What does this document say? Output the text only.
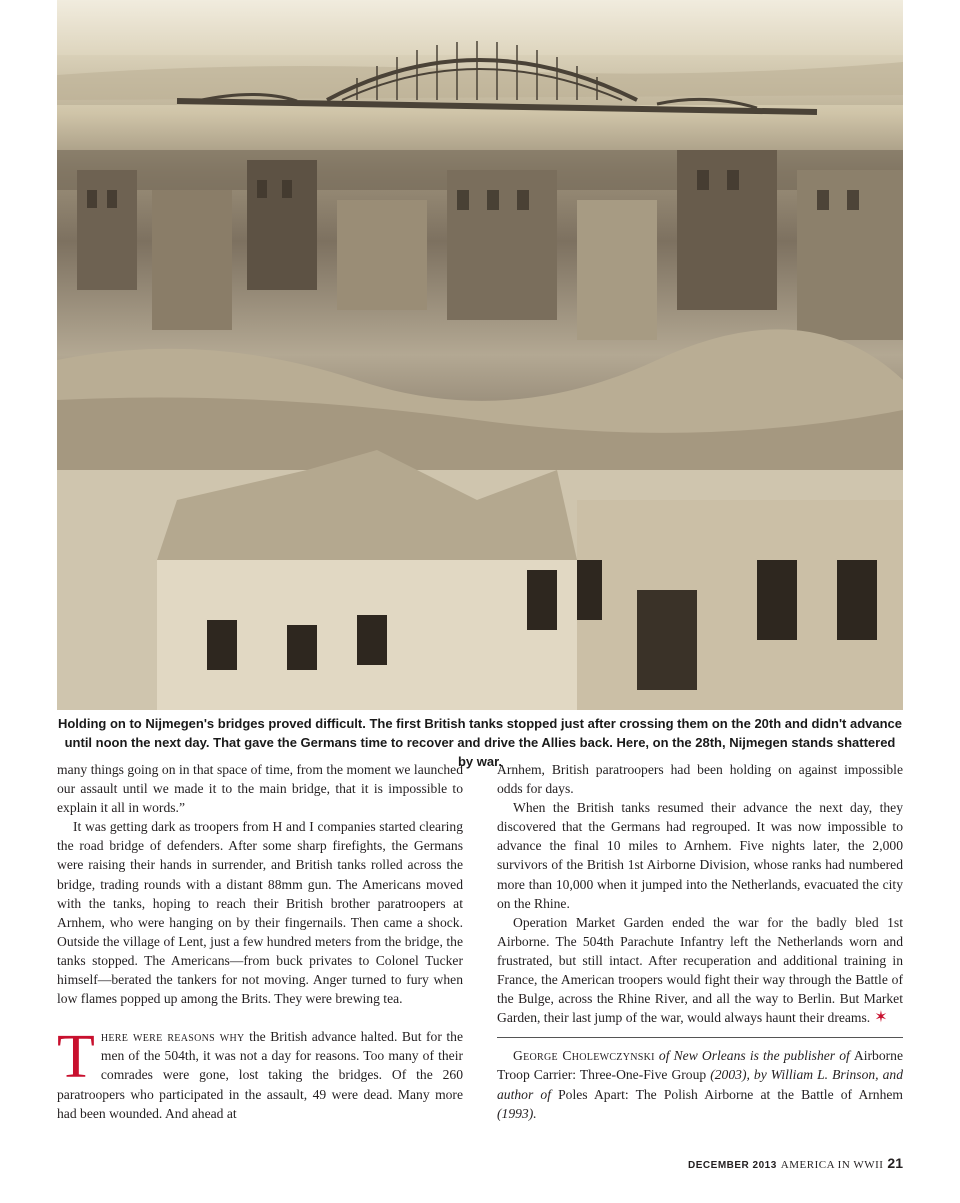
Holding on to Nijmegen's bridges proved difficult. The first British tanks stopped just after crossing them on the 20th and didn't advance until noon the next day. That gave the Germans time to recover and drive the Allies back. Here, on the 28th, Nijmegen stands shattered by war.

many things going on in that space of time, from the moment we launched our assault until we made it to the main bridge, that it is impossible to explain it all in words.”

It was getting dark as troopers from H and I companies started clearing the road bridge of defenders. After some sharp firefights, the Germans were raising their hands in surrender, and British tanks rolled across the bridge, trading rounds with a distant 88mm gun. The Americans moved with the tanks, hoping to reach their British brother paratroopers at Arnhem, who were hanging on by their fingernails. Then came a shock. Outside the village of Lent, just a few hundred meters from the bridge, the tanks stopped. The Americans—from buck privates to Colonel Tucker himself—berated the tankers for not moving. Anger turned to fury when low flames popped up among the Brits. They were brewing tea.

There were reasons why the British advance halted. But for the men of the 504th, it was not a day for reasons. Too many of their comrades were gone, lost taking the bridges. Of the 260 paratroopers who participated in the assault, 49 were dead. Many more had been wounded. And ahead at

Arnhem, British paratroopers had been holding on against impossible odds for days.

When the British tanks resumed their advance the next day, they discovered that the Germans had regrouped. It was now impossible to advance the final 10 miles to Arnhem. Five nights later, the 2,000 survivors of the British 1st Airborne Division, whose ranks had numbered more than 10,000 when it jumped into the Netherlands, evacuated the city on the Rhine.

Operation Market Garden ended the war for the badly bled 1st Airborne. The 504th Parachute Infantry left the Netherlands worn and frustrated, but still intact. After recuperation and additional training in France, the American troopers would fight their way through the Battle of the Bulge, across the Rhine River, and all the way to Berlin. But Market Garden, their last jump of the war, would always haunt their dreams. ✶

George Cholewczynski of New Orleans is the publisher of Airborne Troop Carrier: Three-One-Five Group (2003), by William L. Brinson, and author of Poles Apart: The Polish Airborne at the Battle of Arnhem (1993).

DECEMBER 2013 AMERICA IN WWII 21
